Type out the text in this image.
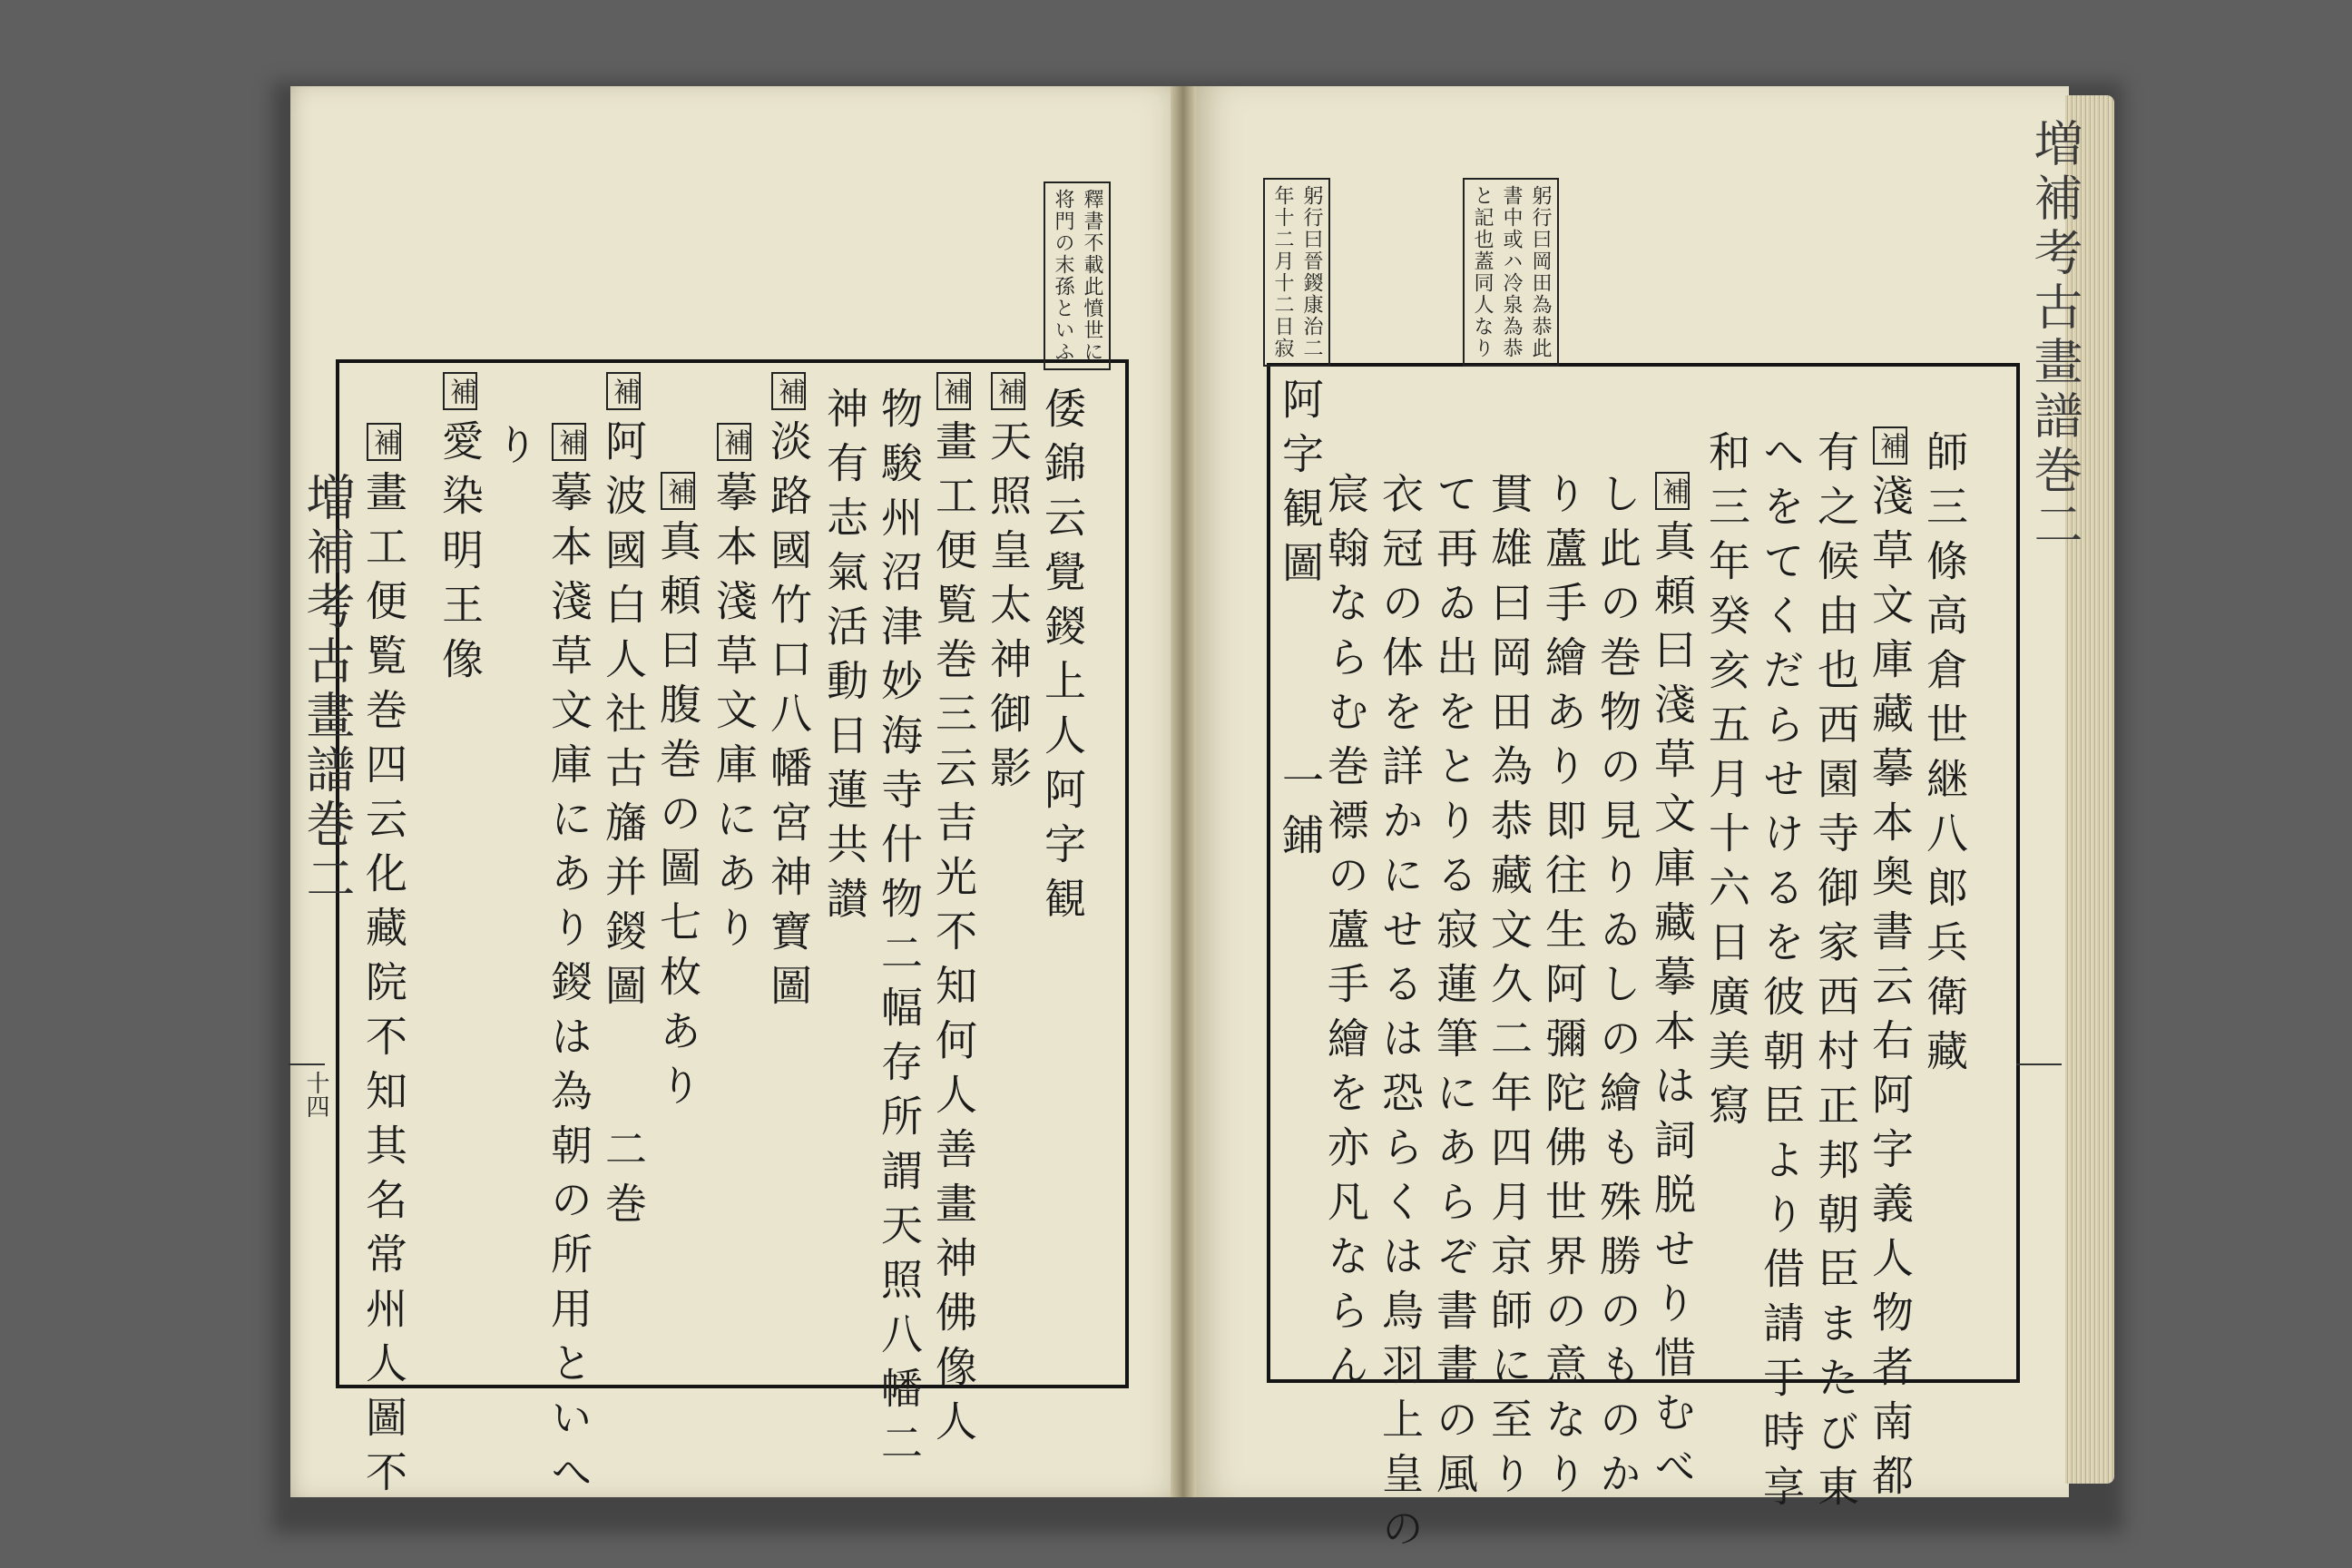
倭錦云覺鍐上人阿字観
補天照皇太神御影
補畫工便覧巻三云吉光不知何人善畫神佛像人
物駿州沼津妙海寺什物二幅存所謂天照八幡二
神有志氣活動日蓮共讃
補淡路國竹口八幡宮神寶圖
補摹本淺草文庫にあり
補真頼曰腹巻の圖七枚あり
補阿波國白人社古旛并鍐圖　　二巻
補摹本淺草文庫にあり鍐は為朝の所用といへ
り
補愛染明王像
補畫工便覧巻四云化藏院不知其名常州人圖不
釋書不載此憤世に
将門の末孫といふ
増補考古畫譜巻二
十四
師三條高倉世継八郎兵衛藏
補淺草文庫藏摹本奥書云右阿字義人物者南都
有之候由也西園寺御家西村正邦朝臣またび東
へをてくだらせけるを彼朝臣より借請于時享
和三年癸亥五月十六日廣美寫
補真頼曰淺草文庫藏摹本は詞脱せり惜むべ
し此の巻物の見りゐしの繪も殊勝のものか
り蘆手繪あり即往生阿彌陀佛世界の意なり
貫雄曰岡田為恭藏文久二年四月京師に至り
て再ゐ出をとりる寂蓮筆にあらぞ書畫の風
衣冠の体を詳かにせるは恐らくは鳥羽上皇の
宸翰ならむ巻褾の蘆手繪を亦凡ならん
阿字観圖　　　一鋪
躬行曰岡田為恭此
書中或ハ冷泉為恭
と記也蓋同人なり
躬行曰晉鍐康治二
年十二月十二日寂	増補考古畫譜巻二
